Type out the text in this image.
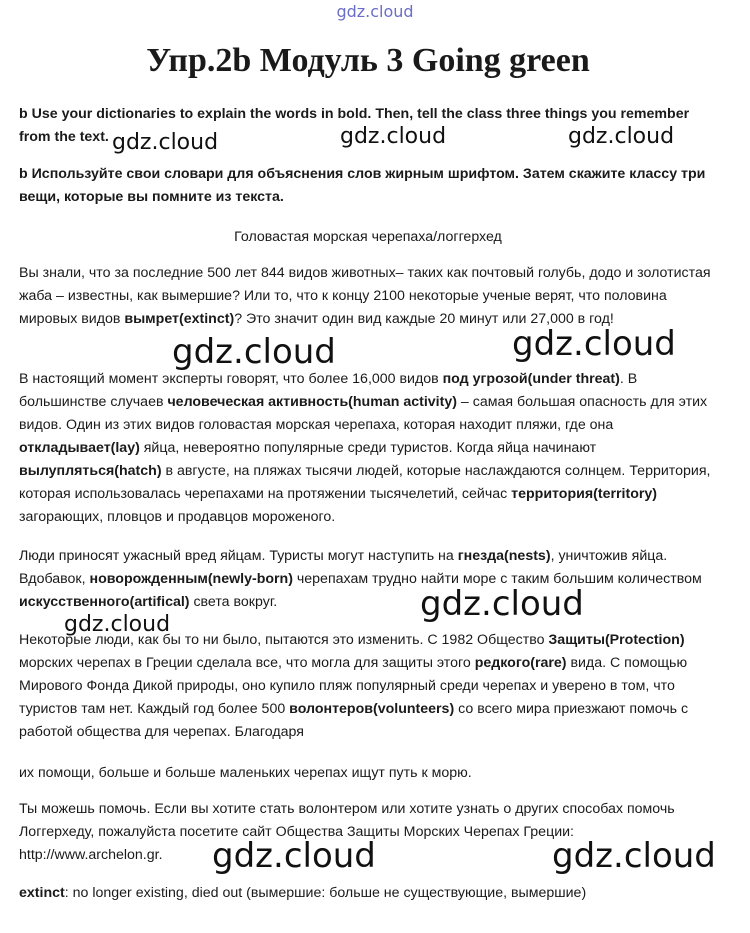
gdz.cloud
Упр.2b Модуль 3 Going green

b Use your dictionaries to explain the words in bold. Then, tell the class three things you remember from the text.

b Используйте свои словари для объяснения слов жирным шрифтом. Затем скажите классу три вещи, которые вы помните из текста.

Головастая морская черепаха/логгерхед

Вы знали, что за последние 500 лет 844 видов животных– таких как почтовый голубь, додо и золотистая жаба – известны, как вымершие? Или то, что к концу 2100 некоторые ученые верят, что половина мировых видов вымрет(extinct)? Это значит один вид каждые 20 минут или 27,000 в год!

В настоящий момент эксперты говорят, что более 16,000 видов под угрозой(under threat). В большинстве случаев человеческая активность(human activity) – самая большая опасность для этих видов. Один из этих видов головастая морская черепаха, которая находит пляжи, где она откладывает(lay) яйца, невероятно популярные среди туристов. Когда яйца начинают вылупляться(hatch) в августе, на пляжах тысячи людей, которые наслаждаются солнцем. Территория, которая использовалась черепахами на протяжении тысячелетий, сейчас территория(territory) загорающих, пловцов и продавцов мороженого.

Люди приносят ужасный вред яйцам. Туристы могут наступить на гнезда(nests), уничтожив яйца. Вдобавок, новорожденным(newly-born) черепахам трудно найти море с таким большим количеством искусственного(artifical) света вокруг.

Некоторые люди, как бы то ни было, пытаются это изменить. С 1982 Общество Защиты(Protection) морских черепах в Греции сделала все, что могла для защиты этого редкого(rare) вида. С помощью Мирового Фонда Дикой природы, оно купило пляж популярный среди черепах и уверено в том, что туристов там нет. Каждый год более 500 волонтеров(volunteers) со всего мира приезжают помочь с работой общества для черепах. Благодаря

их помощи, больше и больше маленьких черепах ищут путь к морю.

Ты можешь помочь. Если вы хотите стать волонтером или хотите узнать о других способах помочь Логгерхеду, пожалуйста посетите сайт Общества Защиты Морских Черепах Греции: http://www.archelon.gr.

extinct: no longer existing, died out (вымершие: больше не существующие, вымершие)

gdz.cloud	gdz.cloud	gdz.cloud
gdz.cloud	gdz.cloud
gdz.cloud
gdz.cloud
gdz.cloud	gdz.cloud
